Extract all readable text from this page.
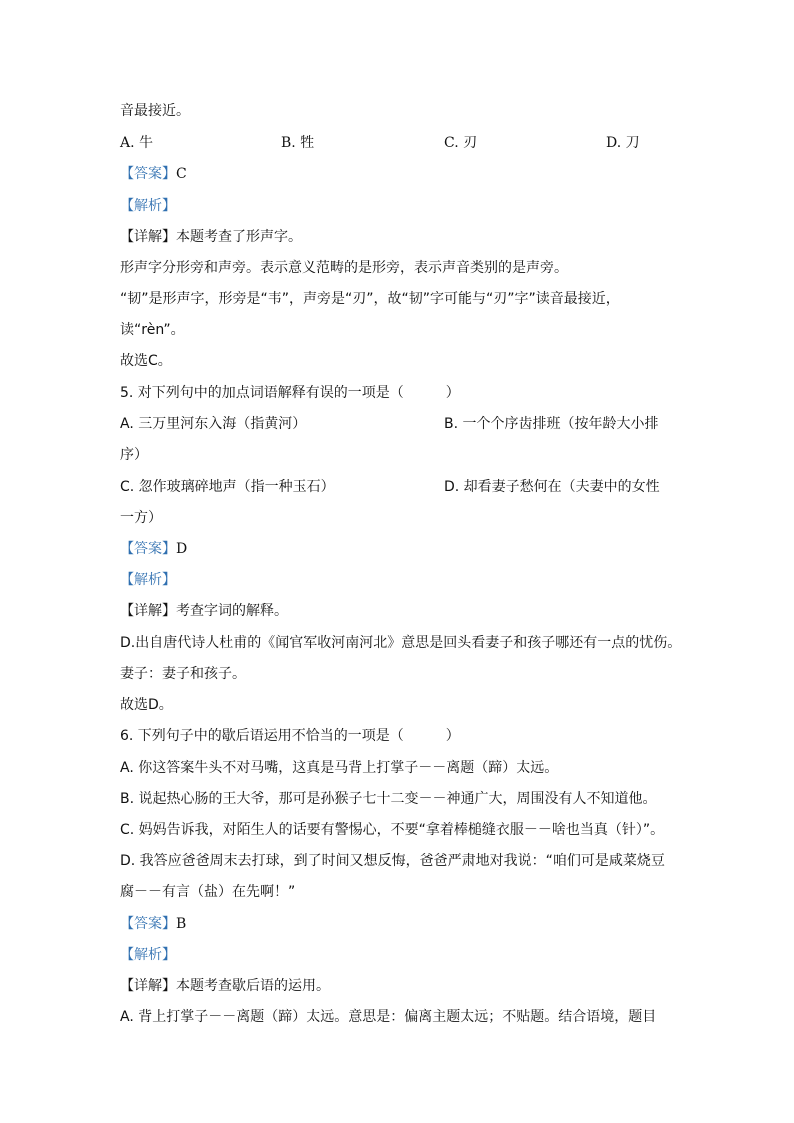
音最接近。
A. 牛	B. 牲	C. 刃	D. 刀
【答案】C
【解析】
【详解】本题考查了形声字。
形声字分形旁和声旁。表示意义范畴的是形旁，表示声音类别的是声旁。
“韧”是形声字，形旁是“韦”，声旁是“刃”，故“韧”字可能与“刃”字”读音最接近，
读“rèn”。
故选C。
5. 对下列句中的加点词语解释有误的一项是（　　　）
A. 三万里河东入海（指黄河）	B. 一个个序齿排班（按年龄大小排
序）
C. 忽作玻璃碎地声（指一种玉石）	D. 却看妻子愁何在（夫妻中的女性
一方）
【答案】D
【解析】
【详解】考查字词的解释。
D.出自唐代诗人杜甫的《闻官军收河南河北》意思是回头看妻子和孩子哪还有一点的忧伤。
妻子：妻子和孩子。
故选D。
6. 下列句子中的歇后语运用不恰当的一项是（　　　）
A. 你这答案牛头不对马嘴，这真是马背上打掌子－－离题（蹄）太远。
B. 说起热心肠的王大爷，那可是孙猴子七十二变－－神通广大，周围没有人不知道他。
C. 妈妈告诉我，对陌生人的话要有警惕心，不要“拿着棒槌缝衣服－－啥也当真（针）”。
D. 我答应爸爸周末去打球，到了时间又想反悔，爸爸严肃地对我说：“咱们可是咸菜烧豆
腐－－有言（盐）在先啊！”
【答案】B
【解析】
【详解】本题考查歇后语的运用。
A. 背上打掌子－－离题（蹄）太远。意思是：偏离主题太远；不贴题。结合语境，题目
